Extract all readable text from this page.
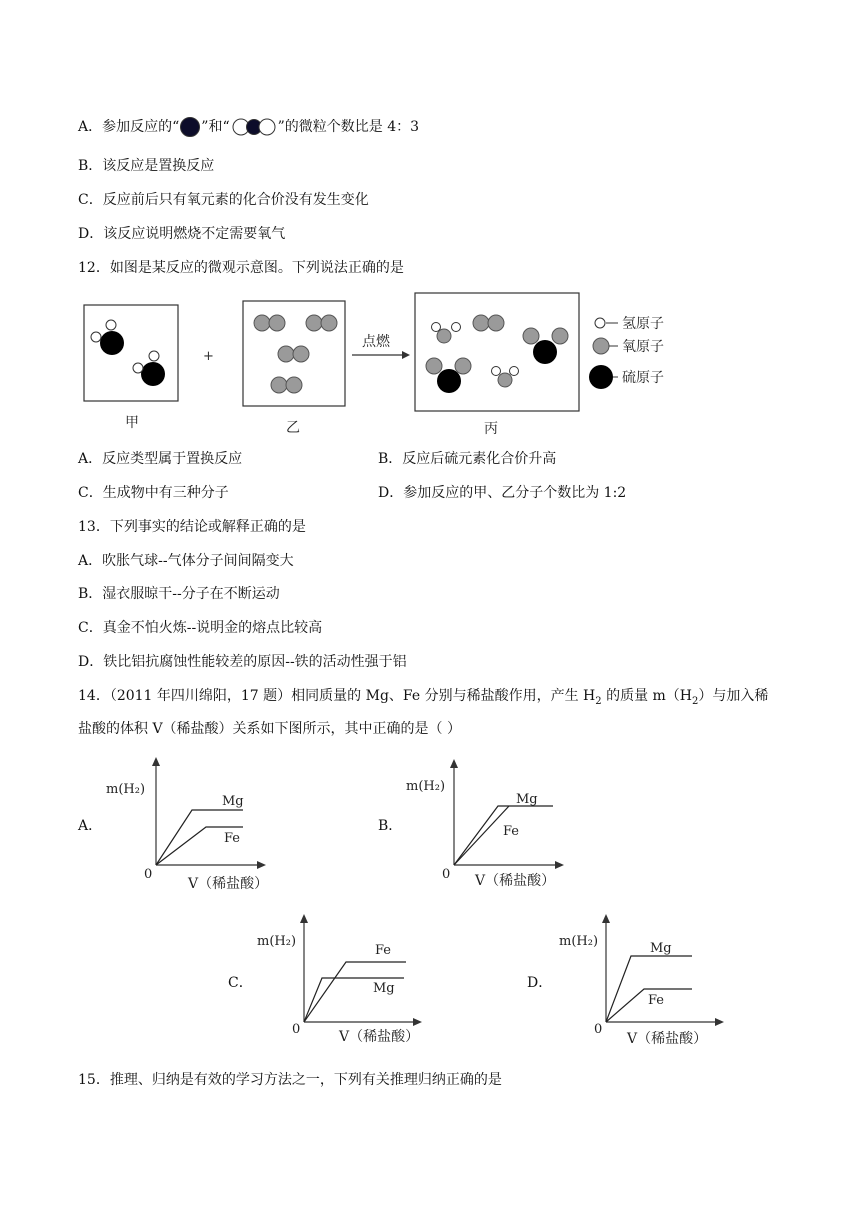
A．参加反应的“ ”和“	”的微粒个数比是 4：3
B．该反应是置换反应
C．反应前后只有氧元素的化合价没有发生变化
D．该反应说明燃烧不定需要氧气
12．如图是某反应的微观示意图。下列说法正确的是
+
点燃
氢原子
氧原子
硫原子
甲	乙	丙
A．反应类型属于置换反应	B．反应后硫元素化合价升高
C．生成物中有三种分子	D．参加反应的甲、乙分子个数比为 1:2
13．下列事实的结论或解释正确的是
A．吹胀气球--气体分子间间隔变大
B．湿衣服晾干--分子在不断运动
C．真金不怕火炼--说明金的熔点比较高
D．铁比铝抗腐蚀性能较差的原因--铁的活动性强于铝
14．（2011 年四川绵阳，17 题）相同质量的 Mg、Fe 分别与稀盐酸作用，产生 $H_2$ 的质量 $m(H_2)$与加入稀
盐酸的体积 V（稀盐酸）关系如下图所示，其中正确的是（ ）
A．	B．
C．	D．
m(H₂)
0
V（稀盐酸）
Mg
Fe
m(H₂)
0 V（稀盐酸）
Mg
Fe
m(H₂)
0	V（稀盐酸）
Fe
Mg
m(H₂)
0
V（稀盐酸）
Mg
Fe
15．推理、归纳是有效的学习方法之一，下列有关推理归纳正确的是
